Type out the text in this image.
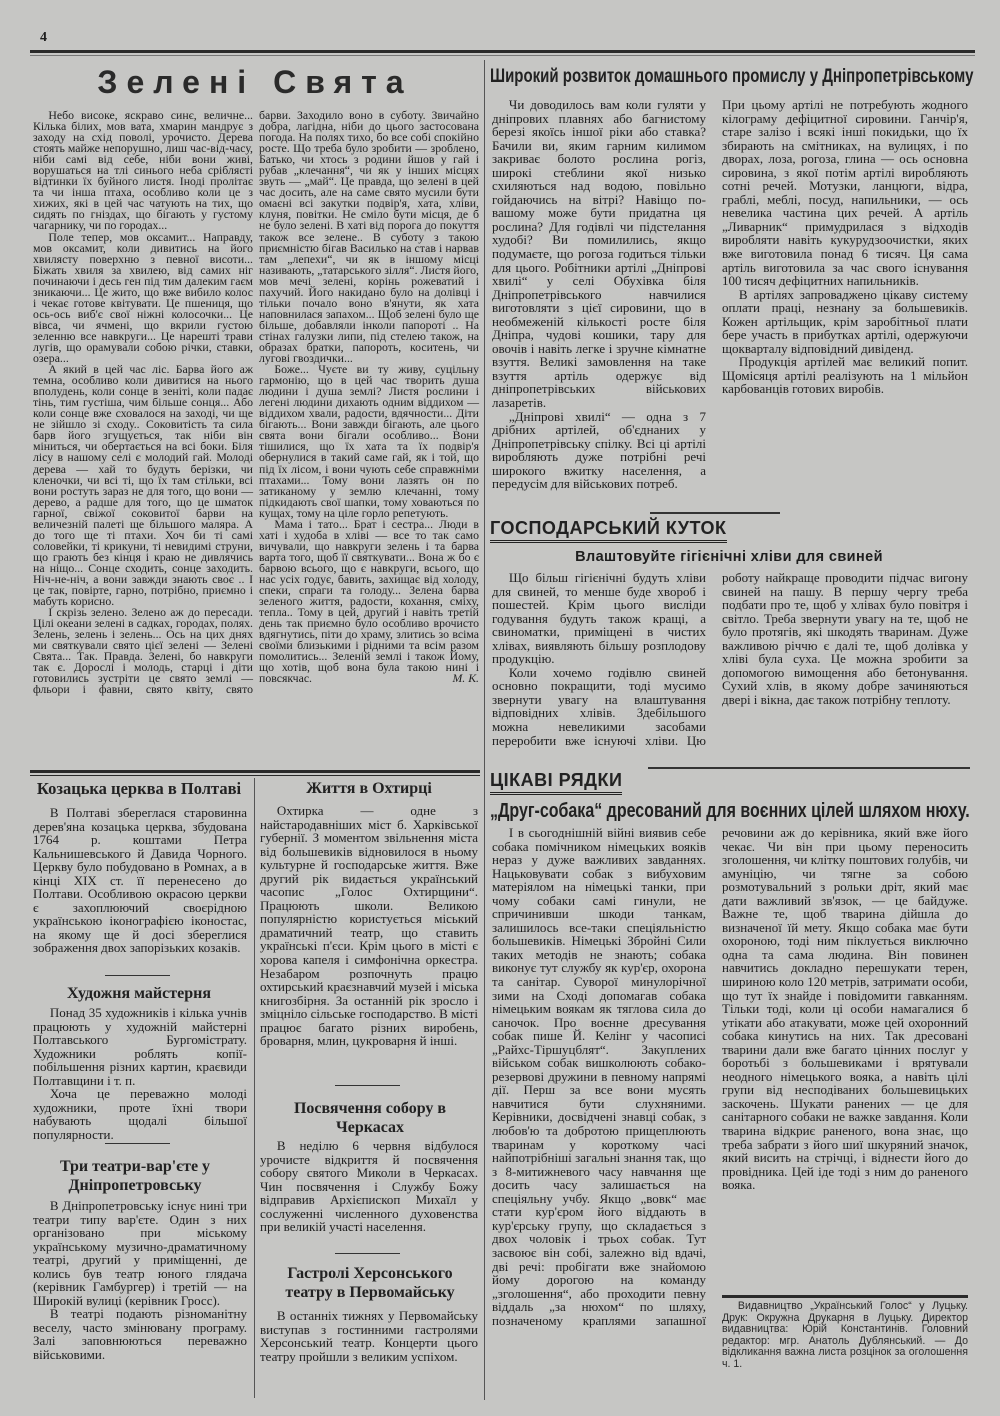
4
Зелені Свята

Небо високе, яскраво синє, величне... Кілька білих, мов вата, хмарин мандрує з заходу на схід поволі, урочисто. Дерева стоять майже непорушно, лиш час-від-часу, ніби самі від себе, ніби вони живі, ворушаться на тлі синього неба сріблясті відтинки їх буйного листя. Іноді пролітає та чи інша птаха, особливо коли це з хижих, які в цей час чатують на тих, що сидять по гніздах, що бігають у густому чагарнику, чи по городах...

Поле тепер, мов оксамит... Направду, мов оксамит, коли дивитись на його хвилясту поверхню з певної висоти... Біжать хвиля за хвилею, від самих ніг починаючи і десь ген під тим далеким гаєм зникаючи... Це жито, що вже вибило колос і чекає готове квітувати. Це пшениця, що ось-ось виб'є свої ніжні колосочки... Це вівса, чи ячмені, що вкрили густою зеленню все навкруги... Це нарешті трави лугів, що орамували собою річки, ставки, озера...

А який в цей час ліс. Барва його аж темна, особливо коли дивитися на нього вполудень, коли сонце в зеніті, коли падає тінь, тим густіша, чим більше сонця... Або коли сонце вже сховалося на заході, чи ще не зійшло зі сходу.. Соковитість та сила барв його згущується, так ніби він міниться, чи обертається на всі боки. Біля лісу в нашому селі є молодий гай. Молоді дерева — хай то будуть берізки, чи кленочки, чи всі ті, що їх там стільки, всі вони ростуть зараз не для того, що вони — дерево, а радше для того, що це шматок гарної, свіжої соковитої барви на величезній палеті ще більшого маляра. А до того ще ті птахи. Хоч би ті самі соловейки, ті крикуни, ті невидимі струни, що грають без кінця і краю не дивлячись на ніщо... Сонце сходить, сонце заходить. Ніч-не-ніч, а вони завжди знають своє .. І це так, повірте, гарно, потрібно, приємно і мабуть корисно.

І скрізь зелено. Зелено аж до пересади. Цілі океани зелені в садках, городах, полях. Зелень, зелень і зелень... Ось на цих днях ми святкували свято цієї зелені — Зелені Свята... Так. Правда. Зелені, бо навкруги так є. Дорослі і молодь, старці і діти готовились зустріти це свято землі — фльори і фавни, свято квіту, свято

барви. Заходило воно в суботу. Звичайно добра, лагідна, ніби до цього застосована погода. На полях тихо, бо все собі спокійно росте. Що треба було зробити — зроблено, Батько, чи хтось з родини йшов у гай і рубав „клечання“, чи як у інших місцях звуть — „май“. Це правда, що зелені в цей час досить, але на саме свято мусили бути омаєні всі закутки подвір'я, хата, хліви, клуня, повітки. Не сміло бути місця, де б не було зелені. В хаті від порога до покуття також все зелене.. В суботу з такою приємністю бігав Василько на став і нарвав там „лепехи“, чи як в іншому місці називають, „татарського зілля“. Листя його, мов мечі зелені, корінь рожеватий і пахучий. Його накидано було на долівці і тільки почало воно в'янути, як хата наповнилася запахом... Щоб зелені було ще більше, добавляли інколи папороті .. На стінах галузки липи, під стелею також, на образах братки, папороть, коситень, чи лугові гвоздички...

Боже... Чуєте ви ту живу, суцільну гармонію, що в цей час творить душа людини і душа землі? Листя рослини і легені людини дихають одним віддихом — віддихом хвали, радости, вдячности... Діти бігають... Вони завжди бігають, але цього свята вони бігали особливо... Вони тішилися, що їх хата та їх подвір'я обернулися в такий саме гай, як і той, що під їх лісом, і вони чують себе справжніми птахами... Тому вони лазять он по затиканому у землю клечанні, тому підкидають свої шапки, тому ховаються по кущах, тому на ціле горло репетують.

Мама і тато... Брат і сестра... Люди в хаті і худоба в хліві — все то так само вичували, що навкруги зелень і та барва варта того, щоб її святкувати... Вона ж бо є барвою всього, що є навкруги, всього, що нас усіх годує, бавить, захищає від холоду, спеки, спраги та голоду... Зелена барва зеленого життя, радости, кохання, сміху, тепла.. Тому в цей, другий і навіть третій день так приємно було особливо врочисто вдягнутись, піти до храму, злитись зо всіма своїми близькими і рідними та всім разом помолитись... Зеленій землі і також Йому, що хотів, щоб вона була такою нині і повсякчас.	М. К.

Широкий розвиток домашнього промислу у Дніпропетрівському

Чи доводилось вам коли гуляти у дніпрових плавнях або багнистому березі якоїсь іншої ріки або ставка? Бачили ви, яким гарним килимом закриває болото рослина рогіз, широкі стеблини якої низько схиляються над водою, повільно гойдаючись на вітрі? Навіщо по-вашому може бути придатна ця рослина? Для годівлі чи підстелання худобі? Ви помилились, якщо подумаєте, що рогоза годиться тільки для цього. Робітники артілі „Дніпрові хвилі“ у селі Обухівка біля Дніпропетрівського навчилися виготовляти з цієї сировини, що в необмеженій кількості росте біля Дніпра, чудові кошики, тару для овочів і навіть легке і зручне кімнатне взуття. Великі замовлення на таке взуття артіль одержує від дніпропетрівських військових лазаретів.

„Дніпрові хвилі“ — одна з 7 дрібних артілей, об'єднаних у Дніпропетрівську спілку. Всі ці артілі виробляють дуже потрібні речі широкого вжитку населення, а передусім для військових потреб.

При цьому артілі не потребують жодного кілограму дефіцитної сировини. Ганчір'я, старе залізо і всякі інші покидьки, що їх збирають на смітниках, на вулицях, і по дворах, лоза, рогоза, глина — ось основна сировина, з якої потім артілі виробляють сотні речей. Мотузки, ланцюги, відра, граблі, меблі, посуд, напильники, — ось невелика частина цих речей. А артіль „Ливарник“ примудрилася з відходів виробляти навіть кукурудзоочистки, яких вже виготовила понад 6 тисяч. Ця сама артіль виготовила за час свого існування 100 тисяч дефіцитних напильників.

В артілях запроваджено цікаву систему оплати праці, незнану за большевиків. Кожен артільщик, крім заробітньої плати бере участь в прибутках артілі, одержуючи щокварталу відповідний дивіденд.

Продукція артілей має великий попит. Щомісяця артілі реалізують на 1 мільйон карбованців готових виробів.

ГОСПОДАРСЬКИЙ КУТОК
Влаштовуйте гігієнічні хліви для свиней

Що більш гігієнічні будуть хліви для свиней, то менше буде хвороб і пошестей. Крім цього висліди годування будуть також кращі, а свиноматки, приміщені в чистих хлівах, виявляють більшу розплодову продукцію.

Коли хочемо годівлю свиней основно покращити, тоді мусимо звернути увагу на влаштування відповідних хлівів. Здебільшого можна невеликими засобами переробити вже існуючі хліви. Цю

роботу найкраще проводити підчас вигону свиней на пашу. В першу чергу треба подбати про те, щоб у хлівах було повітря і світло. Треба звернути увагу на те, щоб не було протягів, які шкодять тваринам. Дуже важливою річчю є далі те, щоб долівка у хліві була суха. Це можна зробити за допомогою вимощення або бетонування. Сухий хлів, в якому добре зачиняються двері і вікна, дає також потрібну теплоту.

Козацька церква в Полтаві

В Полтаві збереглася старовинна дерев'яна козацька церква, збудована 1764 р. коштами Петра Кальнишевського й Давида Чорного. Церкву було побудовано в Ромнах, а в кінці XIX ст. її перенесено до Полтави. Особливою окрасою церкви є захоплюючий своєрідною українською іконографією іконостас, на якому ще й досі збереглися зображення двох запорізьких козаків.

Художня майстерня

Понад 35 художників і кілька учнів працюють у художній майстерні Полтавського Бургомістрату. Художники роблять копії-побільшення різних картин, краєвиди Полтавщини і т. п.

Хоча це переважно молоді художники, проте їхні твори набувають щодалі більшої популярности.

Три театри-вар'єте у Дніпропетровську

В Дніпропетровську існує нині три театри типу вар'єте. Один з них організовано при міському українському музично-драматичному театрі, другий у приміщенні, де колись був театр юного глядача (керівник Гамбургер) і третій — на Широкій вулиці (керівник Гросс).

В театрі подають різноманітну веселу, часто змінювану програму. Залі заповнюються переважно військовими.

Життя в Охтирці

Охтирка — одне з найстародавніших міст б. Харківської губернії. З моментом звільнення міста від большевиків відновилося в ньому культурне й господарське життя. Вже другий рік видається український часопис „Голос Охтирщини“. Працюють школи. Великою популярністю користується міський драматичний театр, що ставить українські п'єси. Крім цього в місті є хорова капеля і симфонічна оркестра. Незабаром розпочнуть працю охтирський краєзнавчий музей і міська книгозбірня. За останній рік зросло і зміцніло сільське господарство. В місті працює багато різних виробень, броварня, млин, цукроварня й інші.

Посвячення собору в Черкасах

В неділю 6 червня відбулося урочисте відкриття й посвячення собору святого Миколи в Черкасах. Чин посвячення і Службу Божу відправив Архієпископ Михаїл у сослуженні численного духовенства при великій участі населення.

Гастролі Херсонського театру в Первомайську

В останніх тижнях у Первомайську виступав з гостинними гастролями Херсонський театр. Концерти цього театру пройшли з великим успіхом.

ЦІКАВІ РЯДКИ
„Друг-собака“ дресований для воєнних цілей шляхом нюху.

І в сьогоднішній війні виявив себе собака помічником німецьких вояків нераз у дуже важливих завданнях. Нацьковувати собак з вибуховим матеріялом на німецькі танки, при чому собаки самі гинули, не спричинивши шкоди танкам, залишилось все-таки спеціяльністю большевиків. Німецькі Збройні Сили таких методів не знають; собака виконує тут службу як кур'єр, охорона та санітар. Суворої минулорічної зими на Сході допомагав собака німецьким воякам як тяглова сила до саночок. Про воєнне дресування собак пише Й. Келінг у часописі „Райхс-Тіршуцблят“. Закуплених військом собак вишколюють собако-резервові дружини в певному напрямі дії. Перш за все вони мусять навчитися бути слухняними. Керівники, досвідчені знавці собак, з любов'ю та добротою прищеплюють тваринам у короткому часі найпотрібніші загальні знання так, що з 8-митижневого часу навчання ще досить часу залишається на спеціяльну учбу. Якщо „вовк“ має стати кур'єром його віддають в кур'єрську групу, що складається з двох чоловік і трьох собак. Тут засвоює він собі, залежно від вдачі, дві речі: пробігати вже знайомою йому дорогою на команду „зголошення“, або проходити певну віддаль „за нюхом“ по шляху, позначеному краплями запашної

речовини аж до керівника, який вже його чекає. Чи він при цьому переносить зголошення, чи клітку поштових голубів, чи амуніцію, чи тягне за собою розмотувальний з рольки дріт, який має дати важливий зв'язок, — це байдуже. Важне те, щоб тварина дійшла до визначеної їй мету. Якщо собака має бути охороною, тоді ним піклується виключно одна та сама людина. Він повинен навчитись докладно перешукати терен, шириною коло 120 метрів, затримати особи, що тут їх знайде і повідомити гавканням. Тільки тоді, коли ці особи намагалися б утікати або атакувати, може цей охоронний собака кинутись на них. Так дресовані тварини дали вже багато цінних послуг у боротьбі з большевиками і врятували неодного німецького вояка, а навіть цілі групи від несподіваних большевицьких заскочень. Шукати ранених — це для санітарного собаки не важке завдання. Коли тварина відкриє раненого, вона знає, що треба забрати з його шиї шкуряний значок, який висить на стрічці, і віднести його до провідника. Цей іде тоді з ним до раненого вояка.

Видавництво „Український Голос“ у Луцьку. Друк: Окружна Друкарня в Луцьку. Директор видавництва: Юрій Константинів. Головний редактор: мгр. Анатоль Дублянський. — До відкликання важна листа розцінок за оголошення ч. 1.
